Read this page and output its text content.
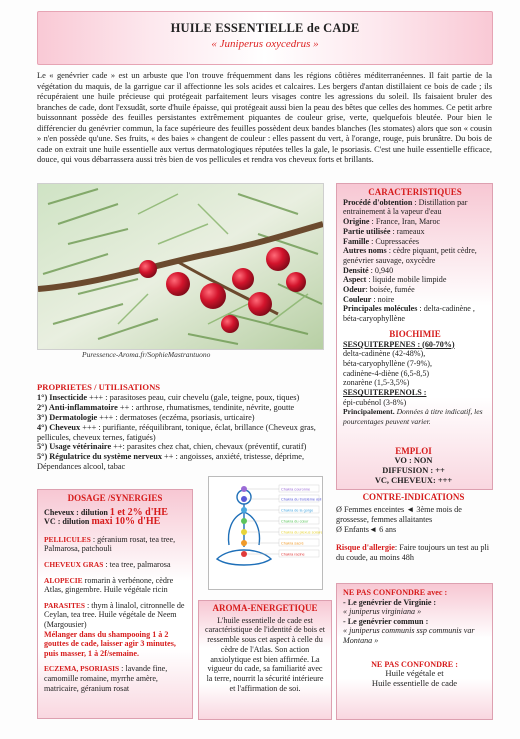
HUILE ESSENTIELLE de CADE
« Juniperus oxycedrus »
Le « genévrier cade » est un arbuste que l'on trouve fréquemment dans les régions côtières méditerranéennes. Il fait partie de la végétation du maquis, de la garrigue car il affectionne les sols acides et calcaires. Les bergers d'antan distillaient ce bois de cade ; ils récupéraient une huile précieuse qui protégeait parfaitement leurs visages contre les agressions du soleil. Ils faisaient bruler des branches de cade, dont l'exsudât, sorte d'huile épaisse, qui protégeait aussi bien la peau des bêtes que celles des hommes. Ce petit arbre buissonnant possède des feuilles persistantes extrêmement piquantes de couleur grise, verte, quelquefois bleutée. Pour bien le différencier du genévrier commun, la face supérieure des feuilles possèdent deux bandes blanches (les stomates) alors que son « cousin » n'en possède qu'une. Ses fruits, « des baies » changent de couleur : elles passent du vert, à l'orange, rouge, puis brunâtre. Du bois de cade on extrait une huile essentielle aux vertus dermatologiques réputées telles la gale, le psoriasis. C'est une huile essentielle efficace, douce, qui vous débarrassera aussi très bien de vos pellicules et rendra vos cheveux forts et brillants.
Puressence-Aroma.fr/SophieMastrantuono
CARACTERISTIQUES
Procédé d'obtention : Distillation par entrainement à la vapeur d'eau
Origine : France, Iran, Maroc
Partie utilisée : rameaux
Famille : Cupressacées
Autres noms : cèdre piquant, petit cèdre, genévrier sauvage, oxycèdre
Densité : 0,940
Aspect : liquide mobile limpide
Odeur: boisée, fumée
Couleur : noire
Principales molécules : delta-cadinène , béta-caryophyllène
BIOCHIMIE
SESQUITERPENES : (60-70%)
delta-cadinène (42-48%),
béta-caryophyllène (7-9%),
cadinène-4-diène (6,5-8,5)
zonarène (1,5-3,5%)
SESQUITERPENOLS :
épi-cubénol (3-8%)
Principalement. Données à titre indicatif, les pourcentages peuvent varier.
EMPLOI
VO : NON
DIFFUSION : ++
VC, CHEVEUX: +++
CONTRE-INDICATIONS
Ø Femmes enceintes ◄ 3ème mois de grossesse, femmes allaitantes
Ø Enfants◄ 6 ans
Risque d'allergie: Faire toujours un test au pli du coude, au moins 48h
NE PAS CONFONDRE avec :
- Le genévrier de Virginie :
« juniperus virginiana »
- Le genévrier commun :
« juniperus communis ssp communis var Montana »
NE PAS CONFONDRE :
Huile végétale et
Huile essentielle de cade
PROPRIETES / UTILISATIONS
1°) Insecticide +++ : parasitoses peau, cuir chevelu (gale, teigne, poux, tiques)
2°) Anti-inflammatoire ++ : arthrose, rhumatismes, tendinite, névrite, goutte
3°) Dermatologie +++ : dermatoses (eczéma, psoriasis, urticaire)
4°) Cheveux +++ : purifiante, rééquilibrant, tonique, éclat, brillance (Cheveux gras, pellicules, cheveux ternes, fatigués)
5°) Usage vétérinaire ++: parasites chez chat, chien, chevaux (préventif, curatif)
5°) Régulatrice du système nerveux ++ : angoisses, anxiété, tristesse, déprime, Dépendances alcool, tabac
DOSAGE /SYNERGIES
Cheveux : dilution 1 et 2% d'HE
VC : dilution maxi 10% d'HE

PELLICULES : géranium rosat, tea tree, Palmarosa, patchouli

CHEVEUX GRAS : tea tree, palmarosa

ALOPECIE romarin à verbénone, cèdre Atlas, gingembre. Huile végétale ricin

PARASITES : thym à linalol, citronnelle de Ceylan, tea tree. Huile végétale de Neem (Margousier)

Mélanger dans du shampooing 1 à 2 gouttes de cade, laisser agir 3 minutes, puis masser, 1 à 2f/semaine.

ECZEMA, PSORIASIS : lavande fine, camomille romaine, myrrhe amère, matricaire, géranium rosat

Chakra couronne
Chakra du troisième œil
Chakra de la gorge
Chakra du cœur
Chakra du plexus solaire
Chakra sacré
Chakra racine
AROMA-ENERGETIQUE
L'huile essentielle de cade est caractéristique de l'identité de bois et ressemble sous cet aspect à celle du cèdre de l'Atlas. Son action anxiolytique est bien affirmée. La vigueur du cade, sa familiarité avec la terre, nourrit la sécurité intérieure et l'affirmation de soi.
